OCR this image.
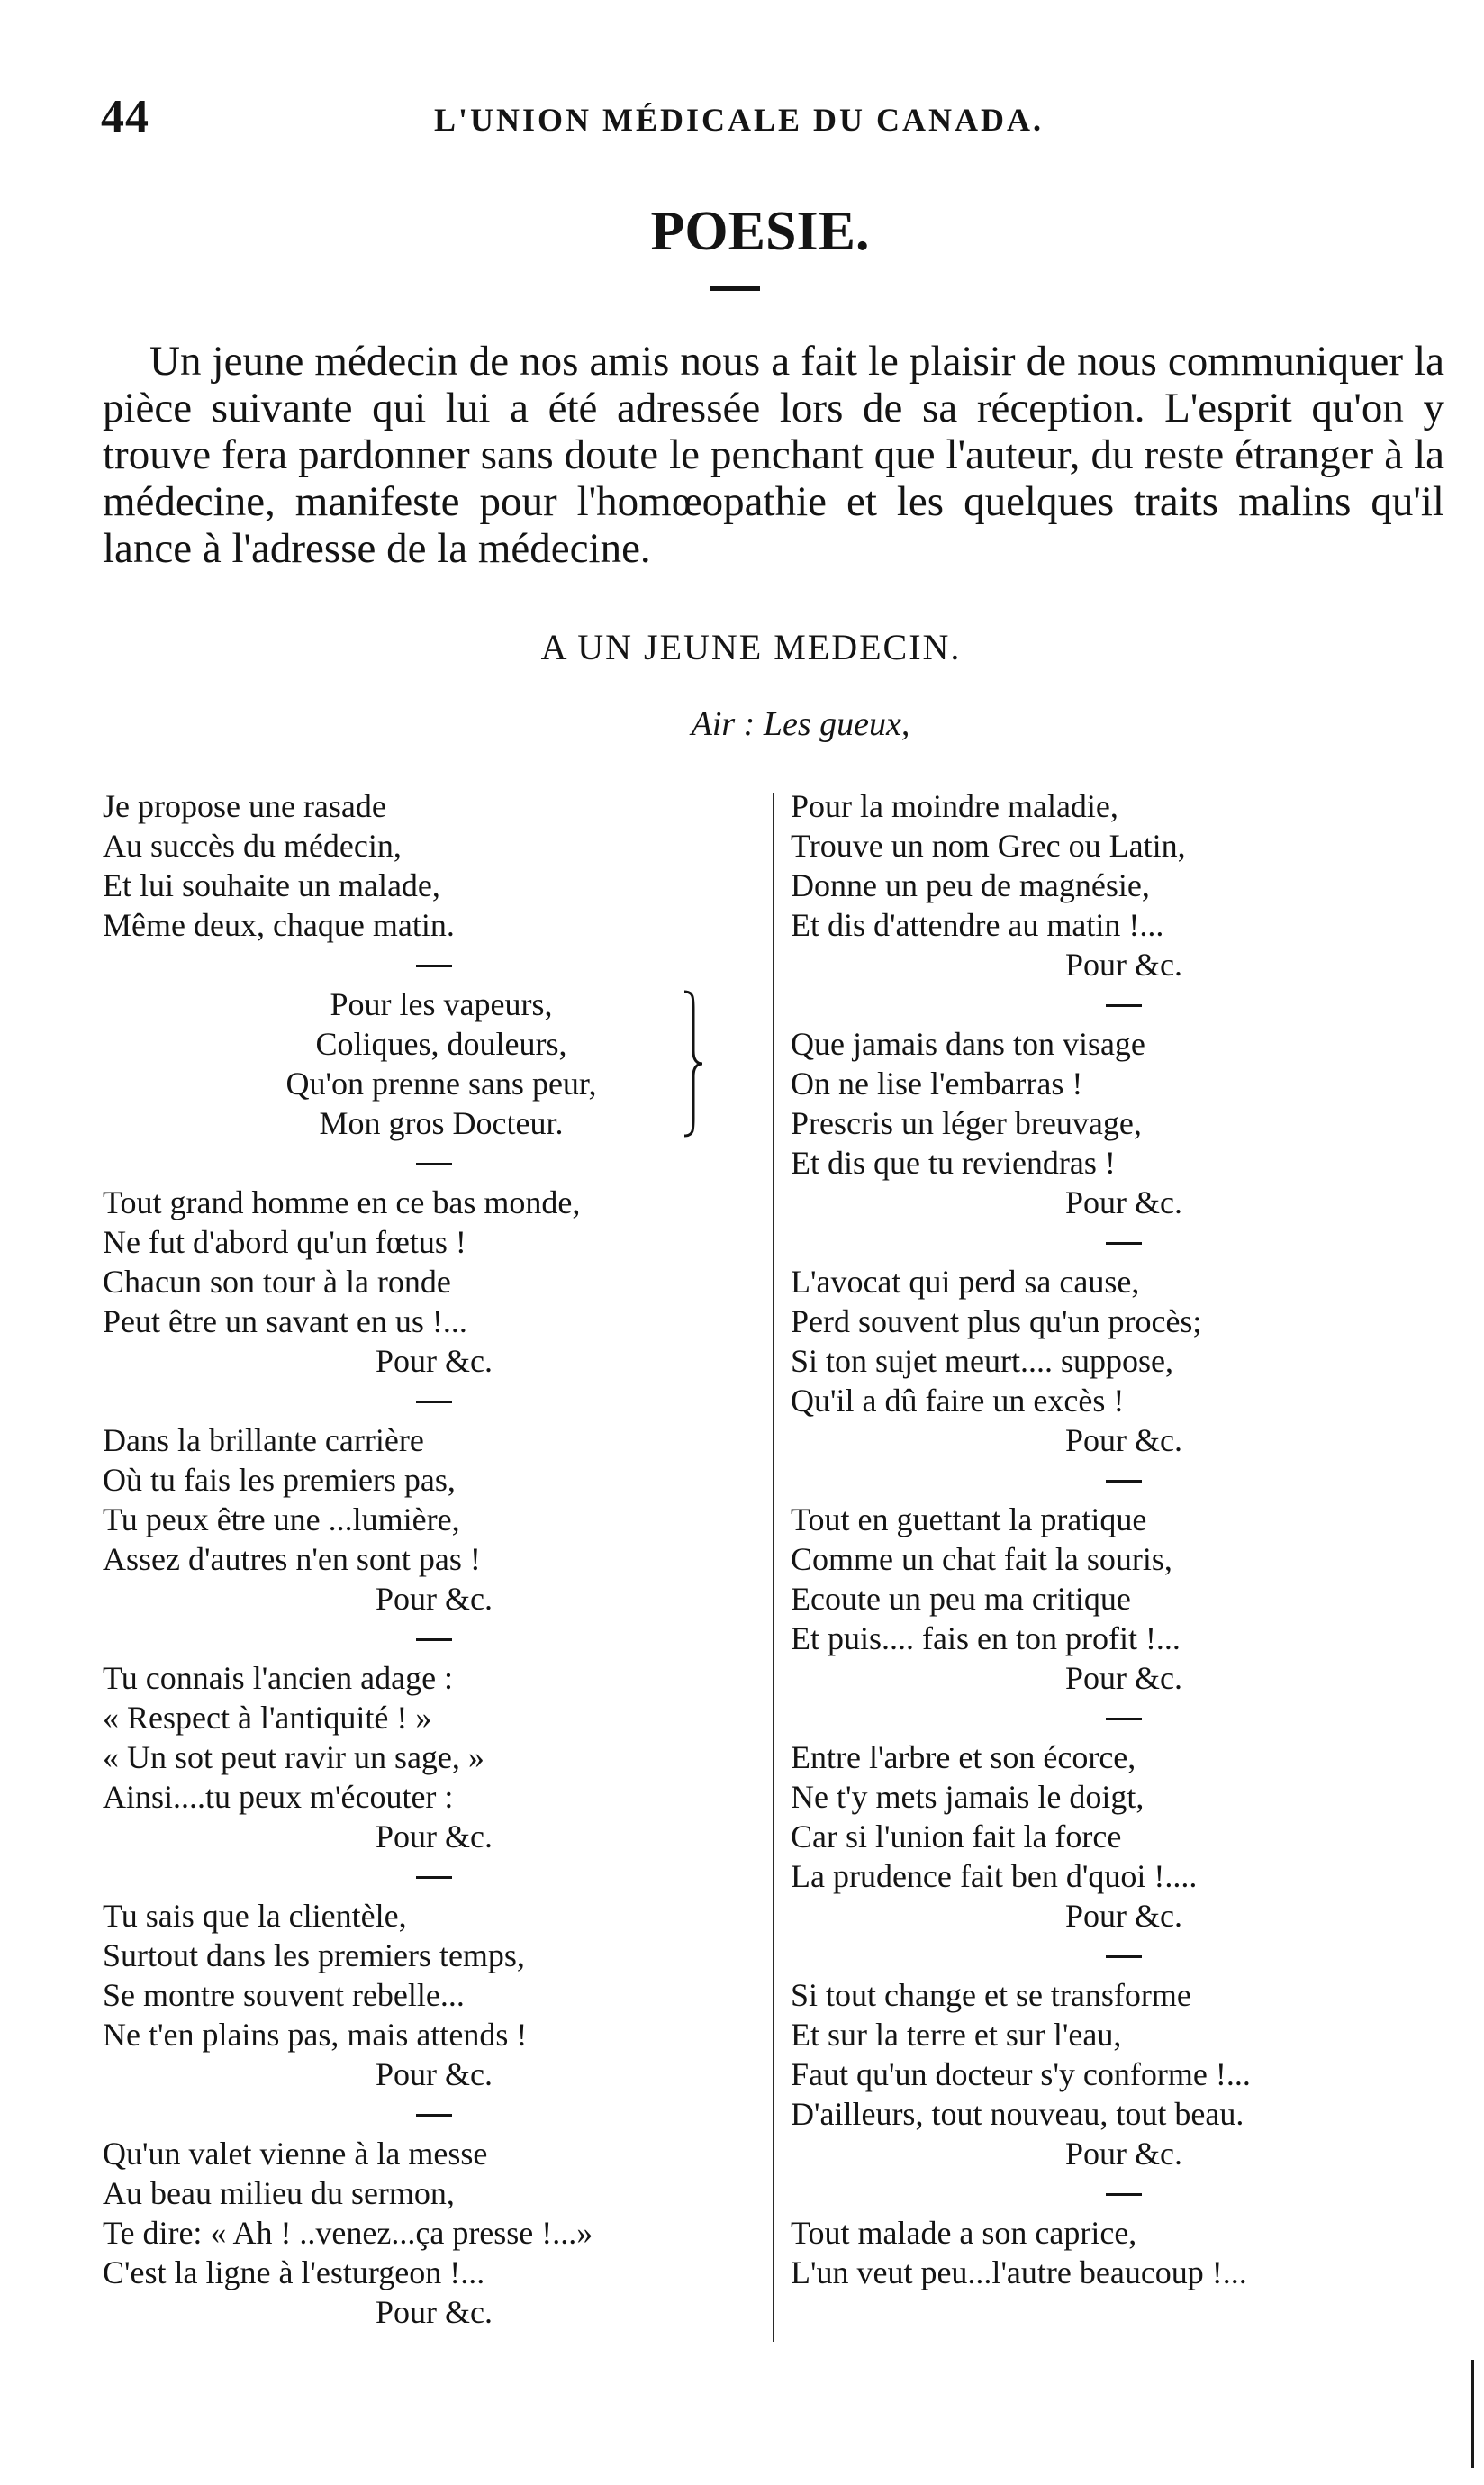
44	L'UNION MÉDICALE DU CANADA.
POESIE.

Un jeune médecin de nos amis nous a fait le plaisir de nous communiquer la pièce suivante qui lui a été adressée lors de sa réception. L'esprit qu'on y trouve fera pardonner sans doute le penchant que l'auteur, du reste étranger à la médecine, manifeste pour l'homœopathie et les quelques traits malins qu'il lance à l'adresse de la médecine.

A UN JEUNE MEDECIN.
Air : Les gueux,
Je propose une rasade
Au succès du médecin,
Et lui souhaite un malade,
Même deux, chaque matin.
Pour les vapeurs,
Coliques, douleurs,
Qu'on prenne sans peur,
Mon gros Docteur.
Tout grand homme en ce bas monde,
Ne fut d'abord qu'un fœtus !
Chacun son tour à la ronde
Peut être un savant en us !...
Pour &c.
Dans la brillante carrière
Où tu fais les premiers pas,
Tu peux être une ...lumière,
Assez d'autres n'en sont pas !
Pour &c.
Tu connais l'ancien adage :
« Respect à l'antiquité ! »
« Un sot peut ravir un sage, »
Ainsi....tu peux m'écouter :
Pour &c.
Tu sais que la clientèle,
Surtout dans les premiers temps,
Se montre souvent rebelle...
Ne t'en plains pas, mais attends !
Pour &c.
Qu'un valet vienne à la messe
Au beau milieu du sermon,
Te dire: « Ah ! ..venez...ça presse !...»
C'est la ligne à l'esturgeon !...
Pour &c.
Pour la moindre maladie,
Trouve un nom Grec ou Latin,
Donne un peu de magnésie,
Et dis d'attendre au matin !...
Pour &c.
Que jamais dans ton visage
On ne lise l'embarras !
Prescris un léger breuvage,
Et dis que tu reviendras !
Pour &c.
L'avocat qui perd sa cause,
Perd souvent plus qu'un procès;
Si ton sujet meurt.... suppose,
Qu'il a dû faire un excès !
Pour &c.
Tout en guettant la pratique
Comme un chat fait la souris,
Ecoute un peu ma critique
Et puis.... fais en ton profit !...
Pour &c.
Entre l'arbre et son écorce,
Ne t'y mets jamais le doigt,
Car si l'union fait la force
La prudence fait ben d'quoi !....
Pour &c.
Si tout change et se transforme
Et sur la terre et sur l'eau,
Faut qu'un docteur s'y conforme !...
D'ailleurs, tout nouveau, tout beau.
Pour &c.
Tout malade a son caprice,
L'un veut peu...l'autre beaucoup !...
